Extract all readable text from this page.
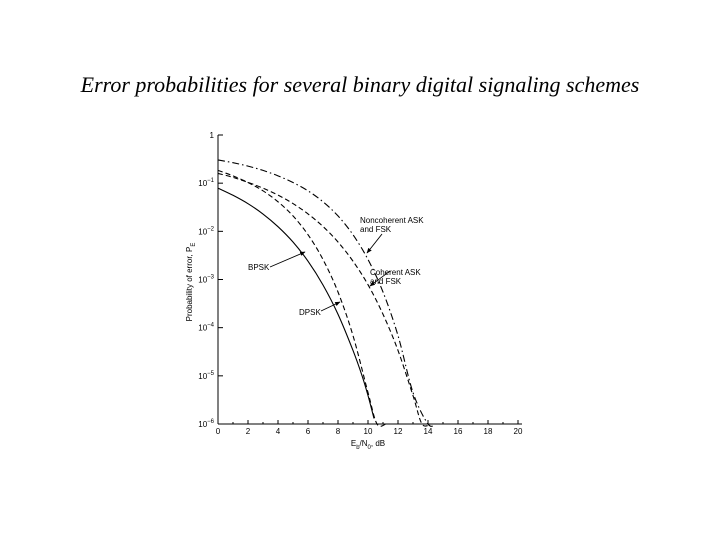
Error probabilities for several binary digital signaling schemes
0	2	4	6	8	10	12	14	16	18	20
1
$10^{-1}$
$10^{-2}$
$10^{-3}$
$10^{-4}$
$10^{-5}$
$10^{-6}$
Noncoherent ASK and FSK
Coherent ASK and FSK
BPSK
DPSK
$E_b/N_0$, dB
Probability of error, $P_E$
